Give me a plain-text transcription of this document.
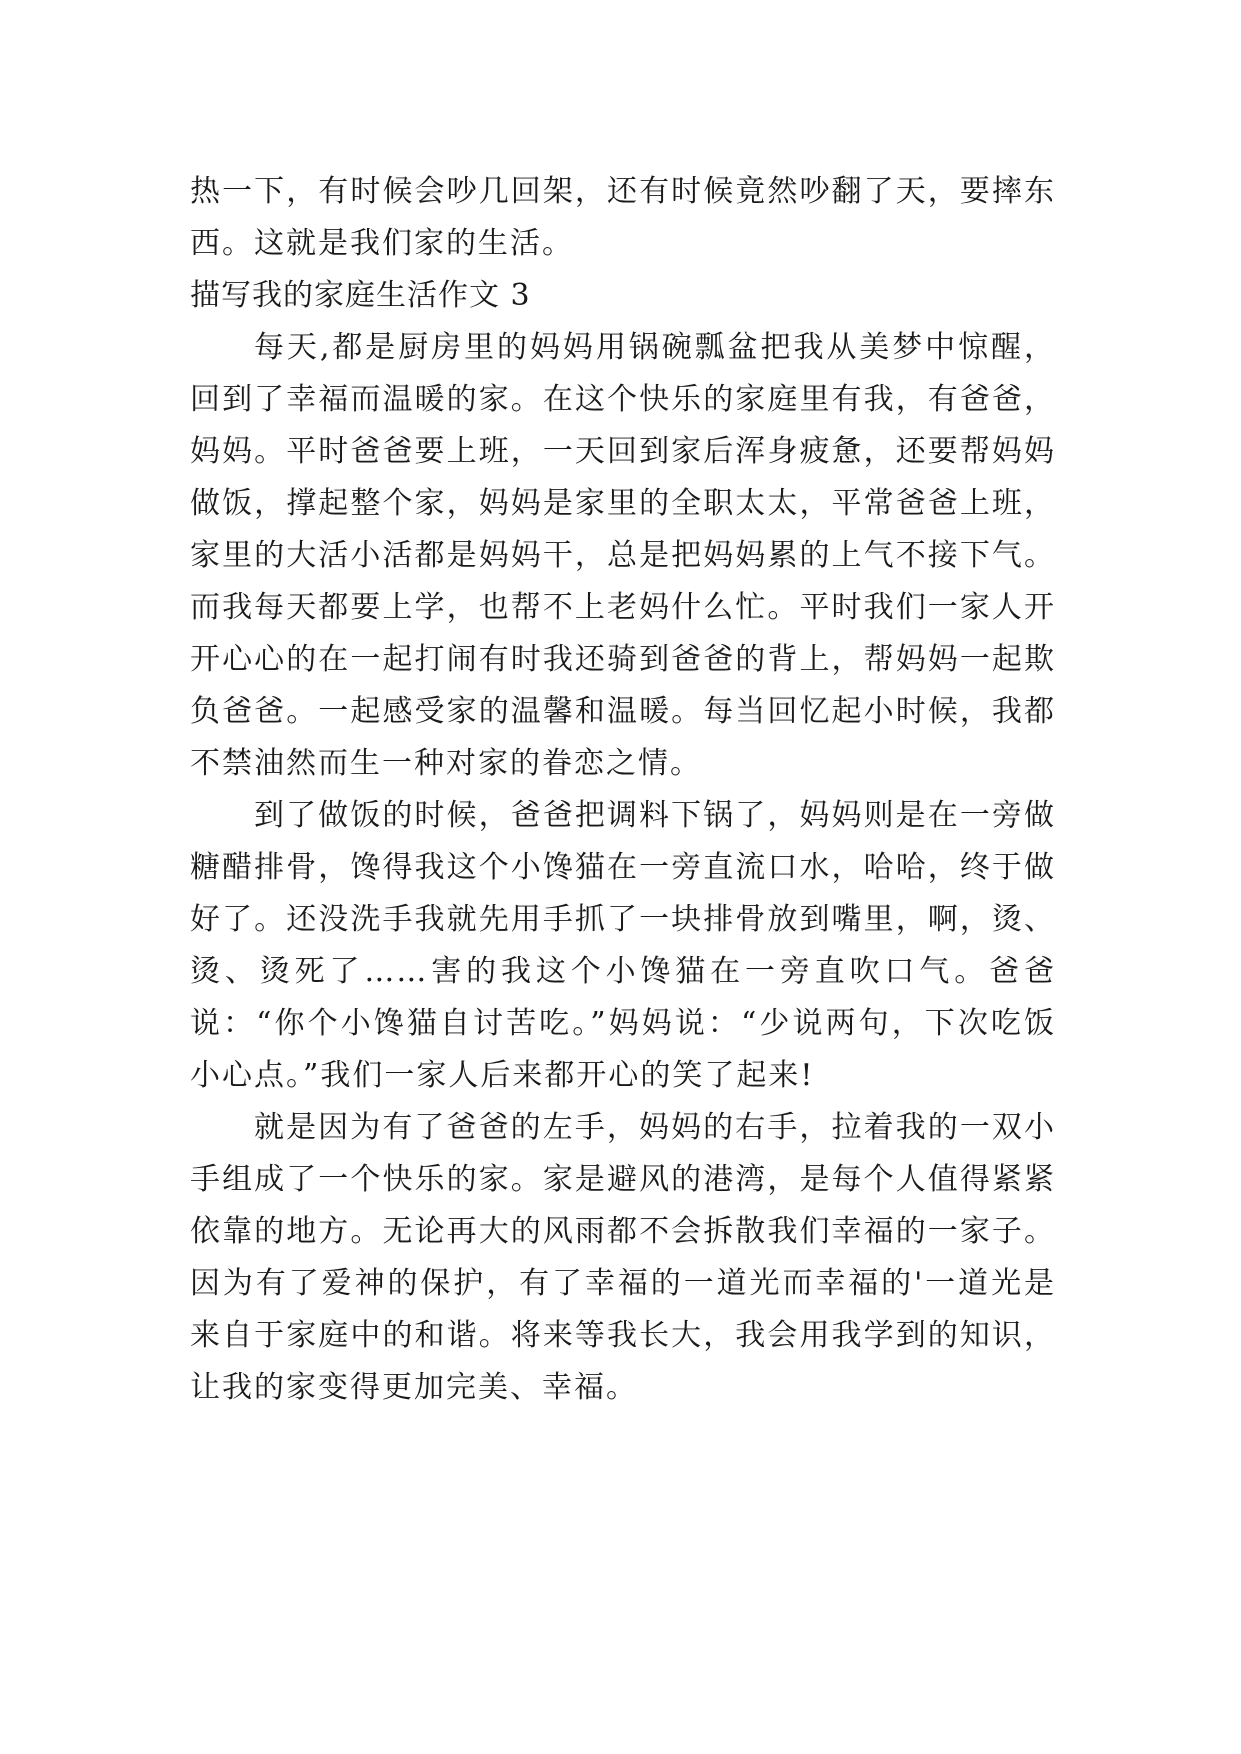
热一下，有时候会吵几回架，还有时候竟然吵翻了天，要摔东西。这就是我们家的生活。

描写我的家庭生活作文 3

每天,都是厨房里的妈妈用锅碗瓢盆把我从美梦中惊醒，回到了幸福而温暖的家。在这个快乐的家庭里有我，有爸爸，妈妈。平时爸爸要上班，一天回到家后浑身疲惫，还要帮妈妈做饭，撑起整个家，妈妈是家里的全职太太，平常爸爸上班，家里的大活小活都是妈妈干，总是把妈妈累的上气不接下气。而我每天都要上学，也帮不上老妈什么忙。平时我们一家人开开心心的在一起打闹有时我还骑到爸爸的背上，帮妈妈一起欺负爸爸。一起感受家的温馨和温暖。每当回忆起小时候，我都不禁油然而生一种对家的眷恋之情。

到了做饭的时候，爸爸把调料下锅了，妈妈则是在一旁做糖醋排骨，馋得我这个小馋猫在一旁直流口水，哈哈，终于做好了。还没洗手我就先用手抓了一块排骨放到嘴里，啊，烫、烫、烫死了……害的我这个小馋猫在一旁直吹口气。爸爸说：“你个小馋猫自讨苦吃。”妈妈说：“少说两句，下次吃饭小心点。”我们一家人后来都开心的笑了起来!

就是因为有了爸爸的左手，妈妈的右手，拉着我的一双小手组成了一个快乐的家。家是避风的港湾，是每个人值得紧紧依靠的地方。无论再大的风雨都不会拆散我们幸福的一家子。因为有了爱神的保护，有了幸福的一道光而幸福的'一道光是来自于家庭中的和谐。将来等我长大，我会用我学到的知识，让我的家变得更加完美、幸福。
